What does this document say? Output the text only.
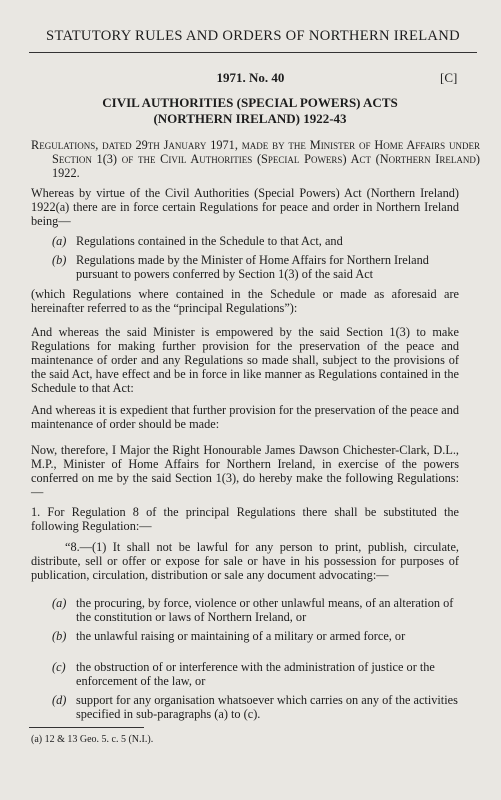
STATUTORY RULES AND ORDERS OF NORTHERN IRELAND
1971. No. 40	[C]
CIVIL AUTHORITIES (SPECIAL POWERS) ACTS
(NORTHERN IRELAND) 1922-43
Regulations, dated 29th January 1971, made by the Minister of Home Affairs under Section 1(3) of the Civil Authorities (Special Powers) Act (Northern Ireland) 1922.
Whereas by virtue of the Civil Authorities (Special Powers) Act (Northern Ireland) 1922(a) there are in force certain Regulations for peace and order in Northern Ireland being—
(a) Regulations contained in the Schedule to that Act, and
(b) Regulations made by the Minister of Home Affairs for Northern Ireland pursuant to powers conferred by Section 1(3) of the said Act
(which Regulations where contained in the Schedule or made as aforesaid are hereinafter referred to as the “principal Regulations”):
And whereas the said Minister is empowered by the said Section 1(3) to make Regulations for making further provision for the preservation of the peace and maintenance of order and any Regulations so made shall, subject to the provisions of the said Act, have effect and be in force in like manner as Regulations contained in the Schedule to that Act:
And whereas it is expedient that further provision for the preservation of the peace and maintenance of order should be made:
Now, therefore, I Major the Right Honourable James Dawson Chichester-Clark, D.L., M.P., Minister of Home Affairs for Northern Ireland, in exercise of the powers conferred on me by the said Section 1(3), do hereby make the following Regulations:—
1. For Regulation 8 of the principal Regulations there shall be substituted the following Regulation:—
“8.—(1) It shall not be lawful for any person to print, publish, circulate, distribute, sell or offer or expose for sale or have in his possession for purposes of publication, circulation, distribution or sale any document advocating:—
(a) the procuring, by force, violence or other unlawful means, of an alteration of the constitution or laws of Northern Ireland, or
(b) the unlawful raising or maintaining of a military or armed force, or
(c) the obstruction of or interference with the administration of justice or the enforcement of the law, or
(d) support for any organisation whatsoever which carries on any of the activities specified in sub-paragraphs (a) to (c).
(a) 12 & 13 Geo. 5. c. 5 (N.I.).
